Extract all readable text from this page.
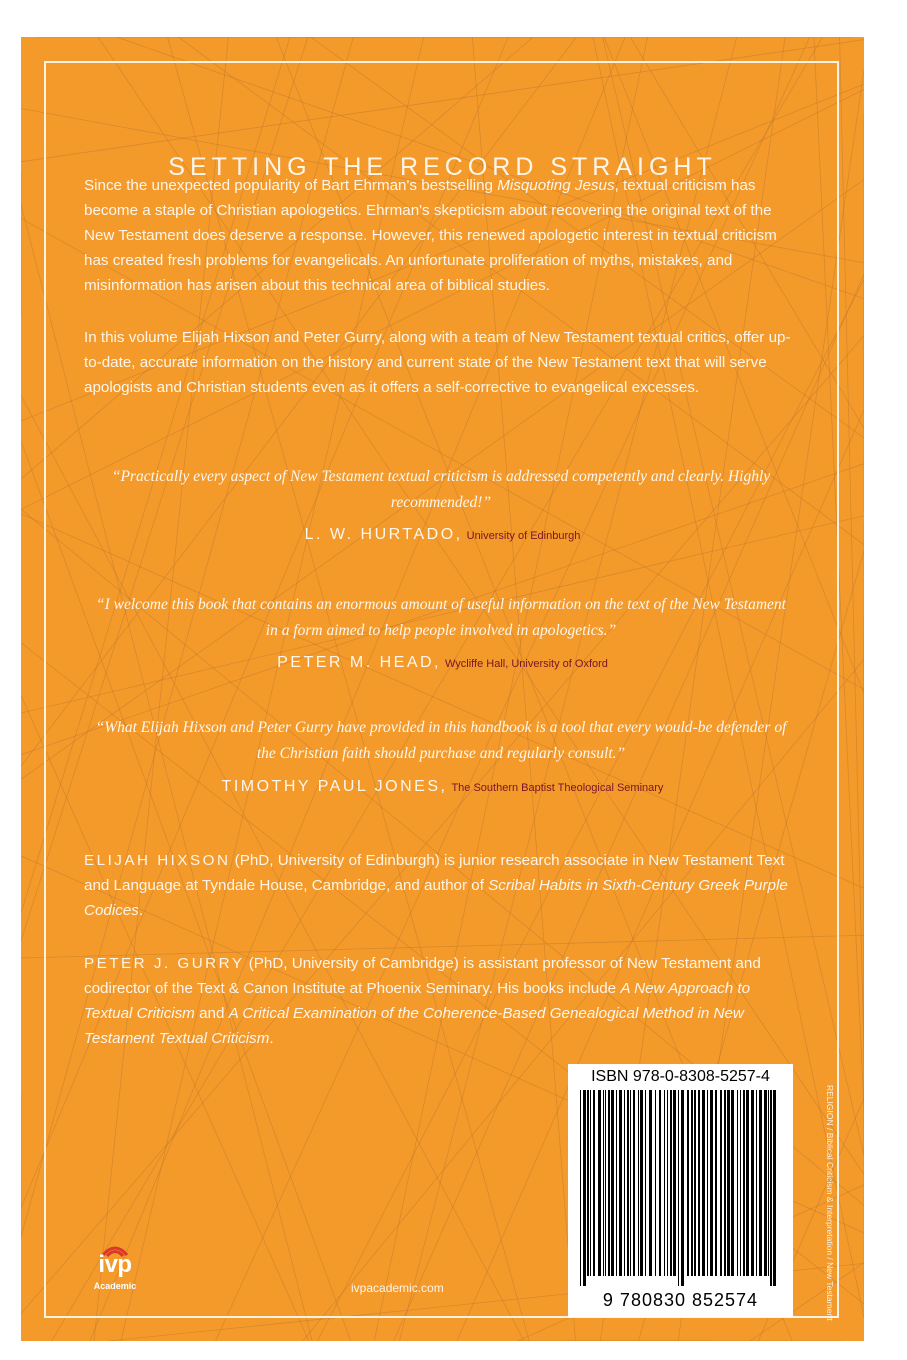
SETTING THE RECORD STRAIGHT

Since the unexpected popularity of Bart Ehrman's bestselling Misquoting Jesus, textual criticism has become a staple of Christian apologetics. Ehrman's skepticism about recovering the original text of the New Testament does deserve a response. However, this renewed apologetic interest in textual criticism has created fresh problems for evangelicals. An unfortunate proliferation of myths, mistakes, and misinformation has arisen about this technical area of biblical studies.

In this volume Elijah Hixson and Peter Gurry, along with a team of New Testament textual critics, offer up-to-date, accurate information on the history and current state of the New Testament text that will serve apologists and Christian students even as it offers a self-corrective to evangelical excesses.

“Practically every aspect of New Testament textual criticism is addressed competently and clearly. Highly recommended!”

L. W. HURTADO, University of Edinburgh

“I welcome this book that contains an enormous amount of useful information on the text of the New Testament in a form aimed to help people involved in apologetics.”

PETER M. HEAD, Wycliffe Hall, University of Oxford

“What Elijah Hixson and Peter Gurry have provided in this handbook is a tool that every would-be defender of the Christian faith should purchase and regularly consult.”

TIMOTHY PAUL JONES, The Southern Baptist Theological Seminary

ELIJAH HIXSON (PhD, University of Edinburgh) is junior research associate in New Testament Text and Language at Tyndale House, Cambridge, and author of Scribal Habits in Sixth-Century Greek Purple Codices.

PETER J. GURRY (PhD, University of Cambridge) is assistant professor of New Testament and codirector of the Text & Canon Institute at Phoenix Seminary. His books include A New Approach to Textual Criticism and A Critical Examination of the Coherence-Based Genealogical Method in New Testament Textual Criticism.

ISBN 978-0-8308-5257-4
9 780830 852574	RELIGION / Biblical Criticism & Interpretation / New Testament
ivp
Academic	ivpacademic.com
